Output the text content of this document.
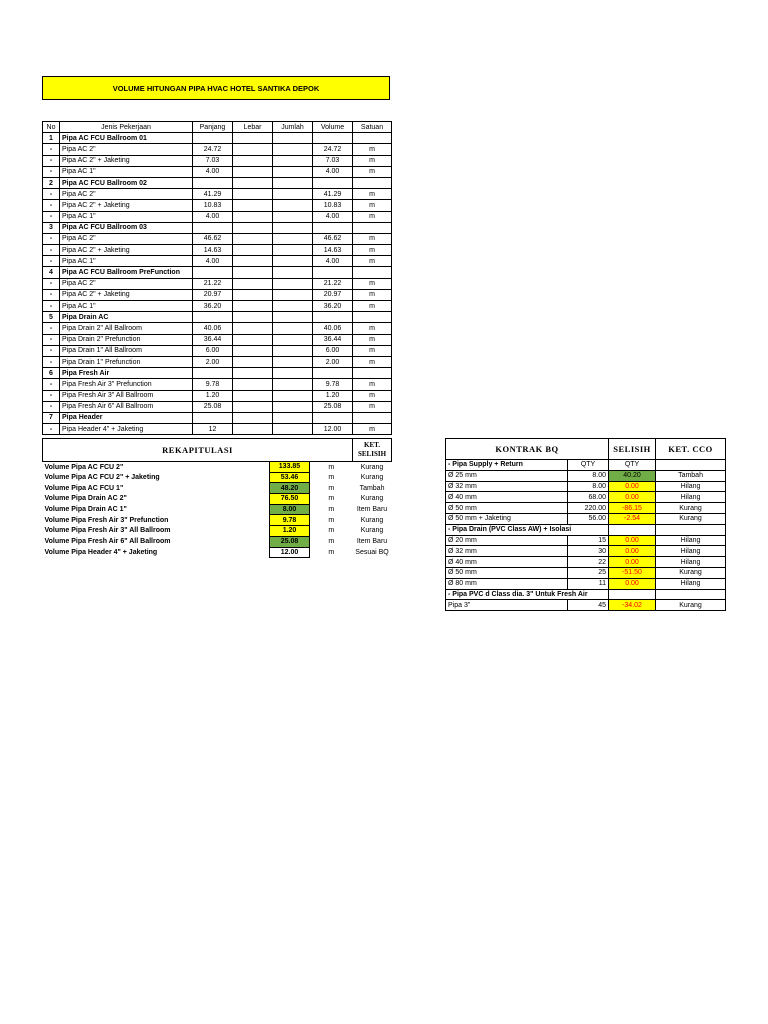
VOLUME HITUNGAN PIPA HVAC HOTEL SANTIKA DEPOK
No	Jenis Pekerjaan	Panjang	Lebar	Jumlah	Volume	Satuan
1	Pipa AC FCU Ballroom 01					
-	Pipa AC 2"	24.72			24.72	m
-	Pipa AC 2" + Jaketing	7.03			7.03	m
-	Pipa AC 1"	4.00			4.00	m
2	Pipa AC FCU Ballroom 02					
-	Pipa AC 2"	41.29			41.29	m
-	Pipa AC 2" + Jaketing	10.83			10.83	m
-	Pipa AC 1"	4.00			4.00	m
3	Pipa AC FCU Ballroom 03					
-	Pipa AC 2"	46.62			46.62	m
-	Pipa AC 2" + Jaketing	14.63			14.63	m
-	Pipa AC 1"	4.00			4.00	m
4	Pipa AC FCU Ballroom PreFunction					
-	Pipa AC 2"	21.22			21.22	m
-	Pipa AC 2" + Jaketing	20.97			20.97	m
-	Pipa AC 1"	36.20			36.20	m
5	Pipa Drain AC					
-	Pipa Drain 2" All Ballroom	40.06			40.06	m
-	Pipa Drain 2" Prefunction	36.44			36.44	m
-	Pipa Drain 1" All Ballroom	6.00			6.00	m
-	Pipa Drain 1" Prefunction	2.00			2.00	m
6	Pipa Fresh Air					
-	Pipa Fresh Air 3" Prefunction	9.78			9.78	m
-	Pipa Fresh Air 3" All Ballroom	1.20			1.20	m
-	Pipa Fresh Air 6" All Ballroom	25.08			25.08	m
7	Pipa Header					
-	Pipa Header 4" + Jaketing	12			12.00	m
REKAPITULASI			KET. SELISIH
Volume Pipa AC FCU 2"	133.85	m	Kurang
Volume Pipa AC FCU 2" + Jaketing	53.46	m	Kurang
Volume Pipa AC FCU 1"	48.20	m	Tambah
Volume Pipa Drain AC 2"	76.50	m	Kurang
Volume Pipa Drain AC 1"	8.00	m	Item Baru
Volume Pipa Fresh Air 3" Prefunction	9.78	m	Kurang
Volume Pipa Fresh Air 3" All Ballroom	1.20	m	Kurang
Volume Pipa Fresh Air 6" All Ballroom	25.08	m	Item Baru
Volume Pipa Header 4" + Jaketing	12.00	m	Sesuai BQ
KONTRAK BQ		SELISIH	KET. CCO
- Pipa Supply + Return	QTY	QTY	
Ø 25 mm	8.00	40.20	Tambah
Ø 32 mm	8.00	0.00	Hilang
Ø 40 mm	68.00	0.00	Hilang
Ø 50 mm	220.00	-86.15	Kurang
Ø 50 mm + Jaketing	56.00	-2.54	Kurang
- Pipa Drain (PVC Class AW) + Isolasi			
Ø 20 mm	15	0.00	Hilang
Ø 32 mm	30	0.00	Hilang
Ø 40 mm	22	0.00	Hilang
Ø 50 mm	25	-51.50	Kurang
Ø 80 mm	11	0.00	Hilang
- Pipa PVC d Class dia. 3" Untuk Fresh Air			
Pipa 3"	45	-34.02	Kurang
